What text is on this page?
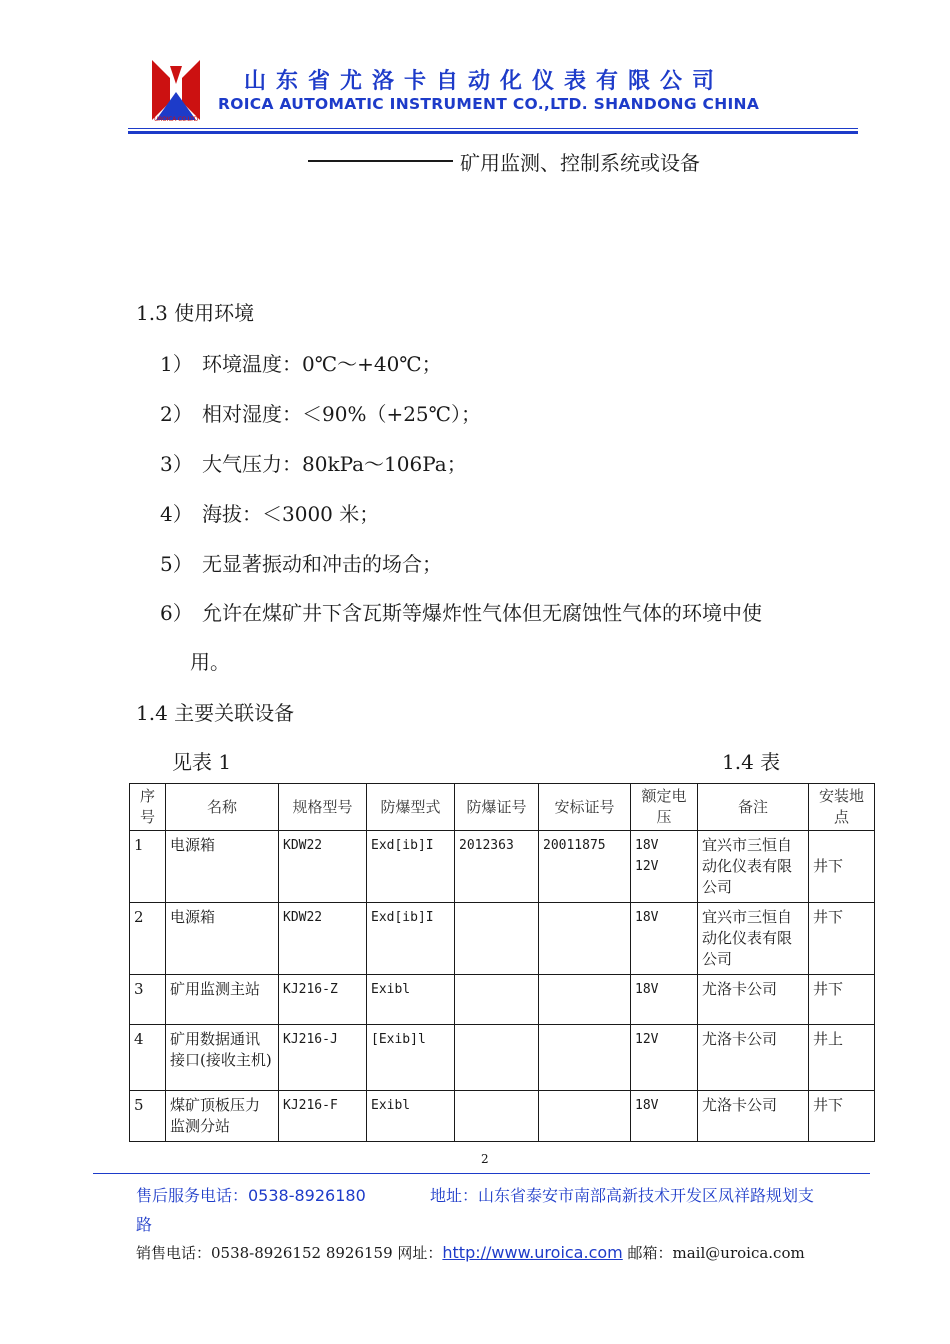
UROICA CO.LTD
山东省尤洛卡自动化仪表有限公司
ROICA AUTOMATIC INSTRUMENT CO.,LTD. SHANDONG CHINA
矿用监测、控制系统或设备
1.3 使用环境
1） 环境温度：0℃～+40℃；
2） 相对湿度：＜90%（+25℃）；
3） 大气压力：80kPa～106Pa；
4） 海拔：＜3000 米；
5） 无显著振动和冲击的场合；
6） 允许在煤矿井下含瓦斯等爆炸性气体但无腐蚀性气体的环境中使
用。
1.4 主要关联设备
见表 1	1.4 表
序号	名称	规格型号	防爆型式	防爆证号	安标证号	额定电压	备注	安装地点
1	电源箱	KDW22	Exd[ib]I	2012363	20011875	18V 12V	宜兴市三恒自动化仪表有限公司	井下
2	电源箱	KDW22	Exd[ib]I			18V	宜兴市三恒自动化仪表有限公司	井下
3	矿用监测主站	KJ216-Z	Exibl			18V	尤洛卡公司	井下
4	矿用数据通讯接口(接收主机)	KJ216-J	[Exib]l			12V	尤洛卡公司	井上
5	煤矿顶板压力监测分站	KJ216-F	Exibl			18V	尤洛卡公司	井下
2
售后服务电话：0538-8926180	地址：山东省泰安市南部高新技术开发区凤祥路规划支
路
销售电话：0538-8926152 8926159 网址：http://www.uroica.com 邮箱：mail@uroica.com
